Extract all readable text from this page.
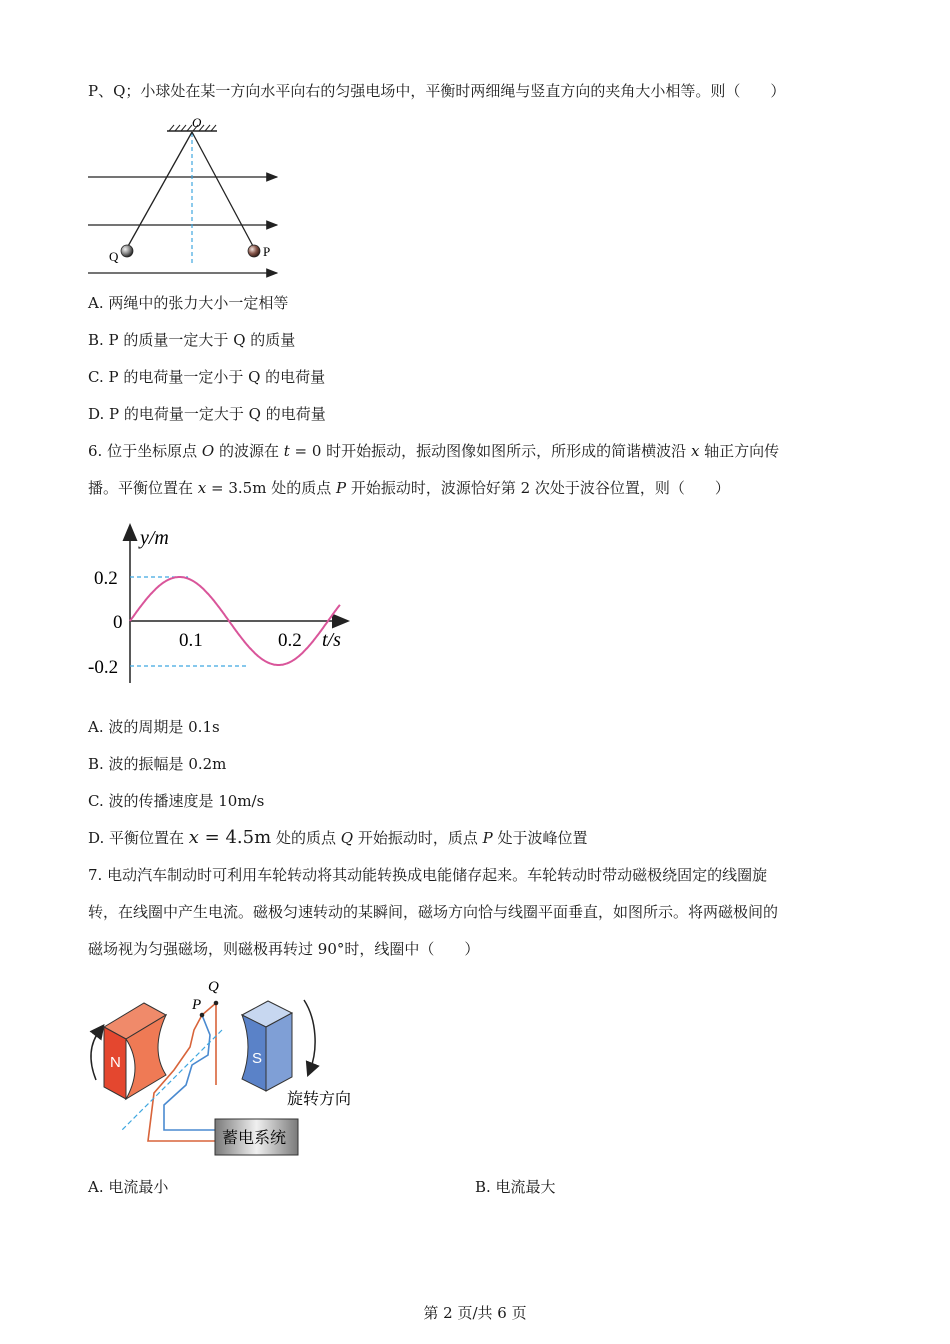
P、Q；小球处在某一方向水平向右的匀强电场中，平衡时两细绳与竖直方向的夹角大小相等。则（　　）
O
Q	P
A. 两绳中的张力大小一定相等
B. P 的质量一定大于 Q 的质量
C. P 的电荷量一定小于 Q 的电荷量
D. P 的电荷量一定大于 Q 的电荷量
6. 位于坐标原点 O 的波源在 t = 0 时开始振动，振动图像如图所示，所形成的简谐横波沿 x 轴正方向传
播。平衡位置在 x = 3.5m 处的质点 P 开始振动时，波源恰好第 2 次处于波谷位置，则（　　）
y/m
0.2
0
-0.2
0.1	0.2 t/s
A. 波的周期是 0.1s
B. 波的振幅是 0.2m
C. 波的传播速度是 10m/s
D. 平衡位置在 x = 4.5m 处的质点 Q 开始振动时，质点 P 处于波峰位置
7. 电动汽车制动时可利用车轮转动将其动能转换成电能储存起来。车轮转动时带动磁极绕固定的线圈旋
转，在线圈中产生电流。磁极匀速转动的某瞬间，磁场方向恰与线圈平面垂直，如图所示。将两磁极间的
磁场视为匀强磁场，则磁极再转过 90°时，线圈中（　　）
N	S
P
Q
蓄电系统
旋转方向
A. 电流最小	B. 电流最大
第 2 页/共 6 页
